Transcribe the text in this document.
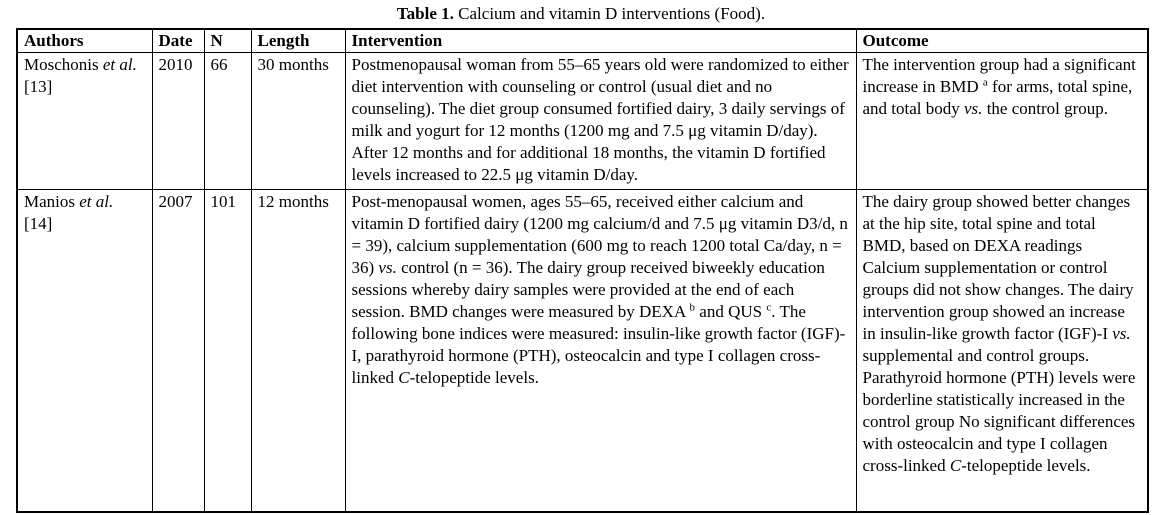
Table 1. Calcium and vitamin D interventions (Food).
Authors	Date	N	Length	Intervention	Outcome
Moschonis et al.
[13]	2010	66	30 months	Postmenopausal woman from 55–65 years old were randomized to either diet intervention with counseling or control (usual diet and no counseling). The diet group consumed fortified dairy, 3 daily servings of milk and yogurt for 12 months (1200 mg and 7.5 μg vitamin D/day). After 12 months and for additional 18 months, the vitamin D fortified levels increased to 22.5 μg vitamin D/day.	The intervention group had a significant increase in BMD $^a$ for arms, total spine, and total body vs. the control group.
Manios et al.
[14]	2007	101	12 months	Post-menopausal women, ages 55–65, received either calcium and vitamin D fortified dairy (1200 mg calcium/d and 7.5 μg vitamin D3/d, n = 39), calcium supplementation (600 mg to reach 1200 total Ca/day, n = 36) vs. control (n = 36). The dairy group received biweekly education sessions whereby dairy samples were provided at the end of each session. BMD changes were measured by DEXA $^b$ and QUS $^c$. The following bone indices were measured: insulin-like growth factor (IGF)-I, parathyroid hormone (PTH), osteocalcin and type I collagen cross-linked C-telopeptide levels.	The dairy group showed better changes at the hip site, total spine and total BMD, based on DEXA readings Calcium supplementation or control groups did not show changes. The dairy intervention group showed an increase in insulin-like growth factor (IGF)-I vs. supplemental and control groups. Parathyroid hormone (PTH) levels were borderline statistically increased in the control group No significant differences with osteocalcin and type I collagen cross-linked C-telopeptide levels.
